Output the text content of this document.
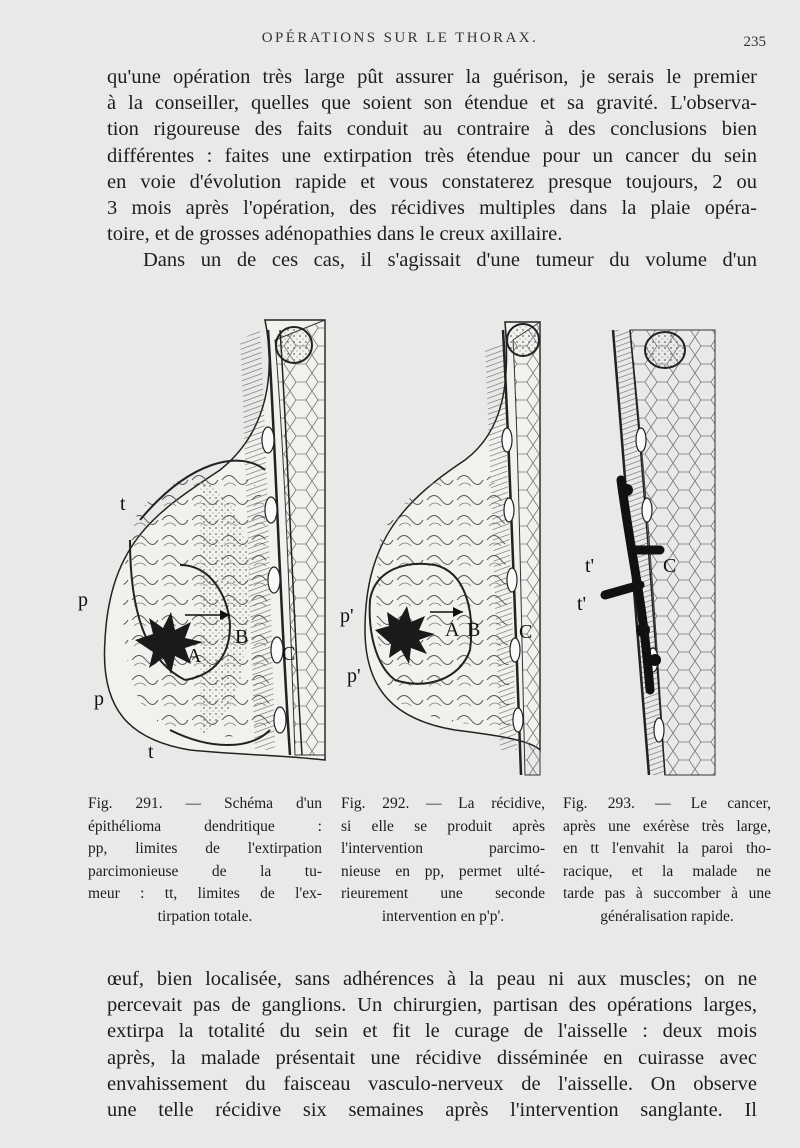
OPÉRATIONS SUR LE THORAX.	235

qu'une opération très large pût assurer la guérison, je serais le premier
à la conseiller, quelles que soient son étendue et sa gravité. L'observa-
tion rigoureuse des faits conduit au contraire à des conclusions bien
différentes : faites une extirpation très étendue pour un cancer du sein
en voie d'évolution rapide et vous constaterez presque toujours, 2 ou
3 mois après l'opération, des récidives multiples dans la plaie opéra-
toire, et de grosses adénopathies dans le creux axillaire.
Dans un de ces cas, il s'agissait d'une tumeur du volume d'un

t
p
A
B
C
p
t
p'
A B C
p'
C
t'
t'

Fig. 291. — Schéma d'un
épithélioma dendritique :
pp, limites de l'extirpation
parcimonieuse de la tu-
meur : tt, limites de l'ex-
tirpation totale.

Fig. 292. — La récidive,
si elle se produit après
l'intervention parcimo-
nieuse en pp, permet ulté-
rieurement une seconde
intervention en p'p'.

Fig. 293. — Le cancer,
après une exérèse très large,
en tt l'envahit la paroi tho-
racique, et la malade ne
tarde pas à succomber à une
généralisation rapide.

œuf, bien localisée, sans adhérences à la peau ni aux muscles; on ne
percevait pas de ganglions. Un chirurgien, partisan des opérations larges,
extirpa la totalité du sein et fit le curage de l'aisselle : deux mois
après, la malade présentait une récidive disséminée en cuirasse avec
envahissement du faisceau vasculo-nerveux de l'aisselle. On observe
une telle récidive six semaines après l'intervention sanglante. Il
